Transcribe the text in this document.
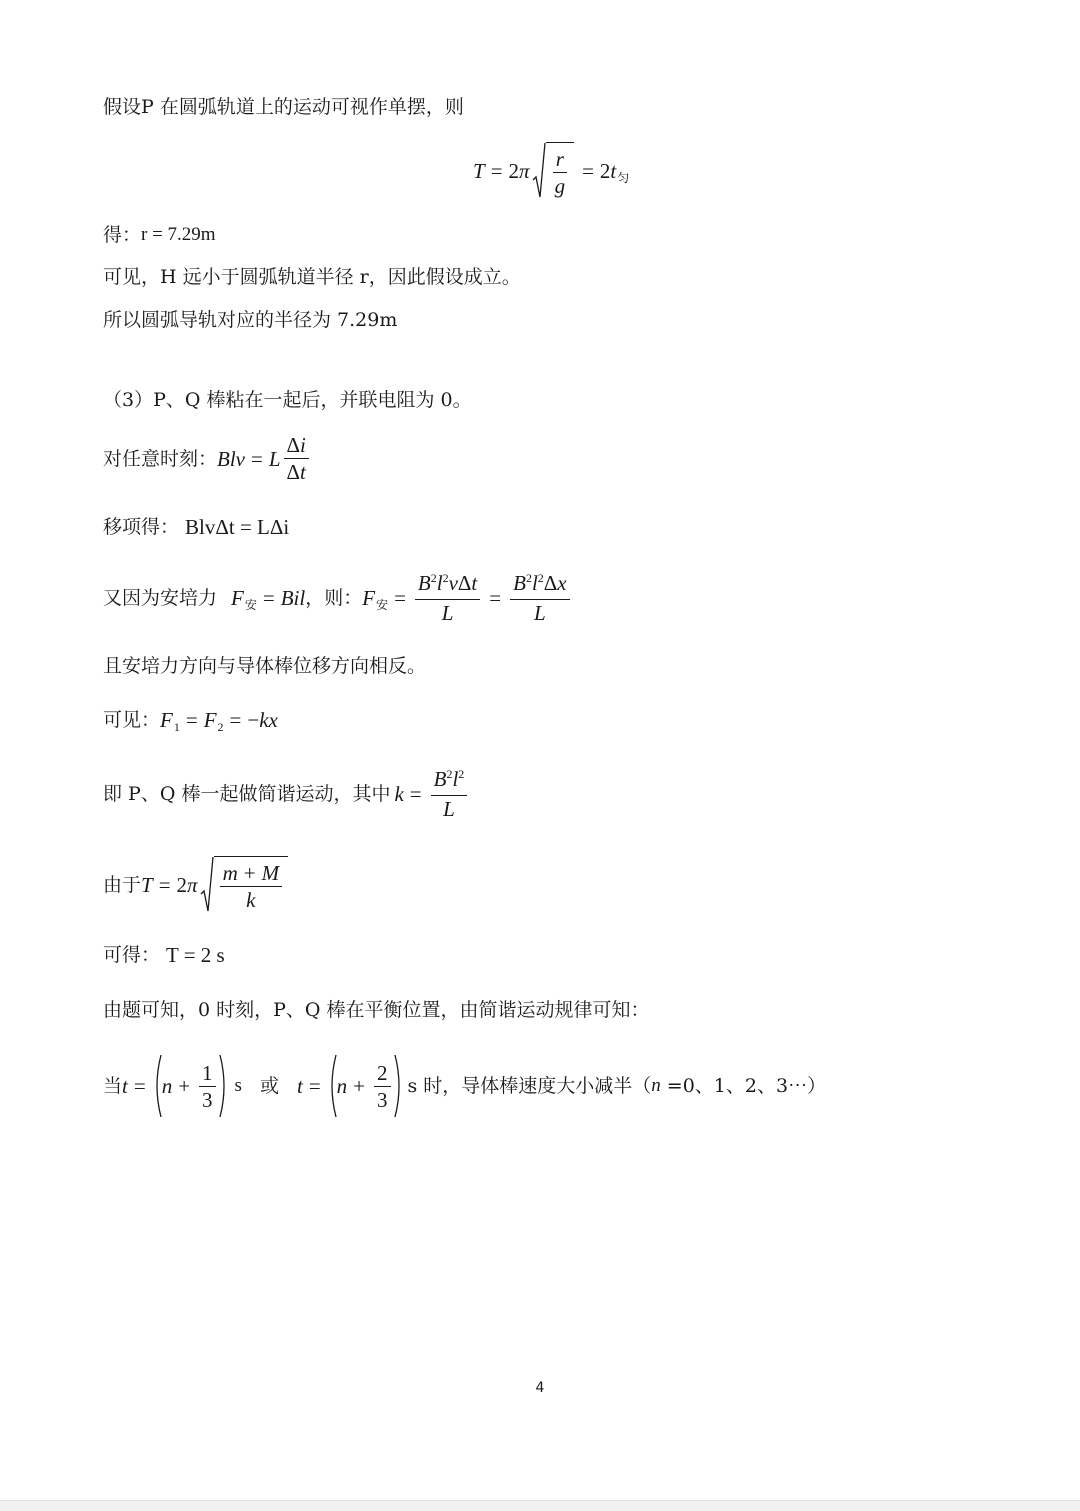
假设P 在圆弧轨道上的运动可视作单摆，则
T = 2 π $\frac{r}{g} = 2$ t 匀
得： r = 7.29m
可见，H 远小于圆弧轨道半径 r，因此假设成立。
所以圆弧导轨对应的半径为 7.29m
（3）P、Q 棒粘在一起后，并联电阻为 0。
对任意时刻： Blv = L $\frac{\Delta i}{\Delta t}$
移项得： BlvΔt = LΔi
又因为安培力 F 安 = Bil ，则： F 安 = $\frac{B^2l^2v\Delta t}{L} = \frac{B^2l^2\Delta x}{L}$
且安培力方向与导体棒位移方向相反。
可见： F 1 = F 2 = − kx
即 P、Q 棒一起做简谐运动，其中 $k = \frac{B^2l^2}{L}$
由于 T = 2 π $\frac{m + M}{k}$
可得： T = 2 s
由题可知，0 时刻，P、Q 棒在平衡位置，由简谐运动规律可知：
当 $t = n + \frac{1}{3}$ s 或 $t = n + \frac{2}{3}$ s 时，导体棒速度大小减半（ n =0、1、2、3⋯）
4
